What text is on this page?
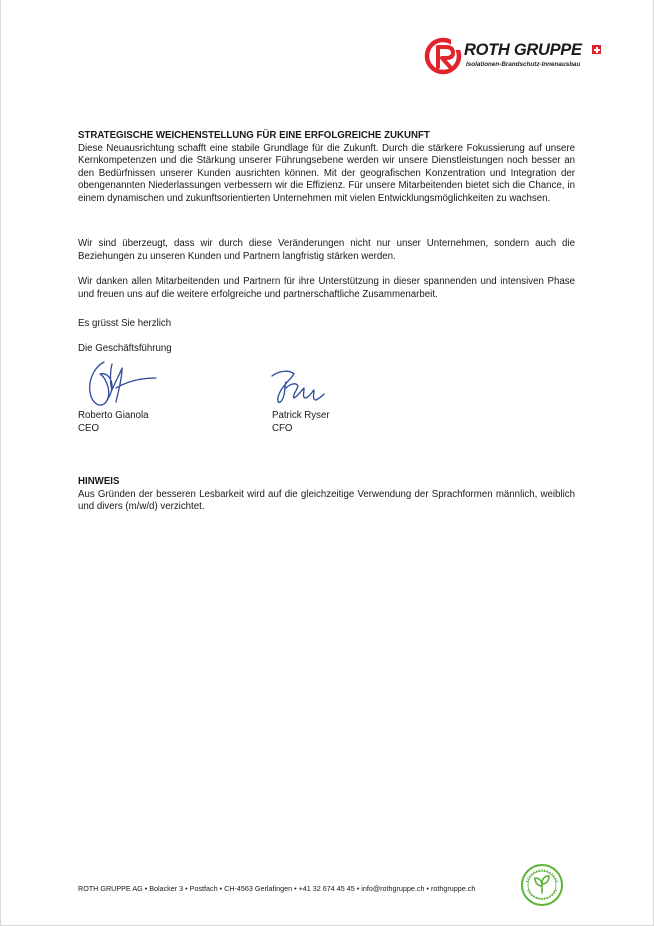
ROTH GRUPPE
Isolationen-Brandschutz-Innenausbau
STRATEGISCHE WEICHENSTELLUNG FÜR EINE ERFOLGREICHE ZUKUNFT
Diese Neuausrichtung schafft eine stabile Grundlage für die Zukunft. Durch die stärkere Fokussierung auf unsere Kernkompetenzen und die Stärkung unserer Führungsebene werden wir unsere Dienstleistungen noch besser an den Bedürfnissen unserer Kunden ausrichten können. Mit der geografischen Konzentration und Integration der obengenannten Niederlassungen verbessern wir die Effizienz. Für unsere Mitarbeitenden bietet sich die Chance, in einem dynamischen und zukunftsorientierten Unternehmen mit vielen Entwicklungsmöglichkeiten zu wachsen.
Wir sind überzeugt, dass wir durch diese Veränderungen nicht nur unser Unternehmen, sondern auch die Beziehungen zu unseren Kunden und Partnern langfristig stärken werden.
Wir danken allen Mitarbeitenden und Partnern für ihre Unterstützung in dieser spannenden und intensiven Phase und freuen uns auf die weitere erfolgreiche und partnerschaftliche Zusammenarbeit.
Es grüsst Sie herzlich
Die Geschäftsführung
Roberto Gianola
CEO
Patrick Ryser
CFO
HINWEIS
Aus Gründen der besseren Lesbarkeit wird auf die gleichzeitige Verwendung der Sprachformen männlich, weiblich und divers (m/w/d) verzichtet.
ROTH GRUPPE AG • Bolacker 3 • Postfach • CH-4563 Gerlafingen • +41 32 674 45 45 • info@rothgruppe.ch • rothgruppe.ch
